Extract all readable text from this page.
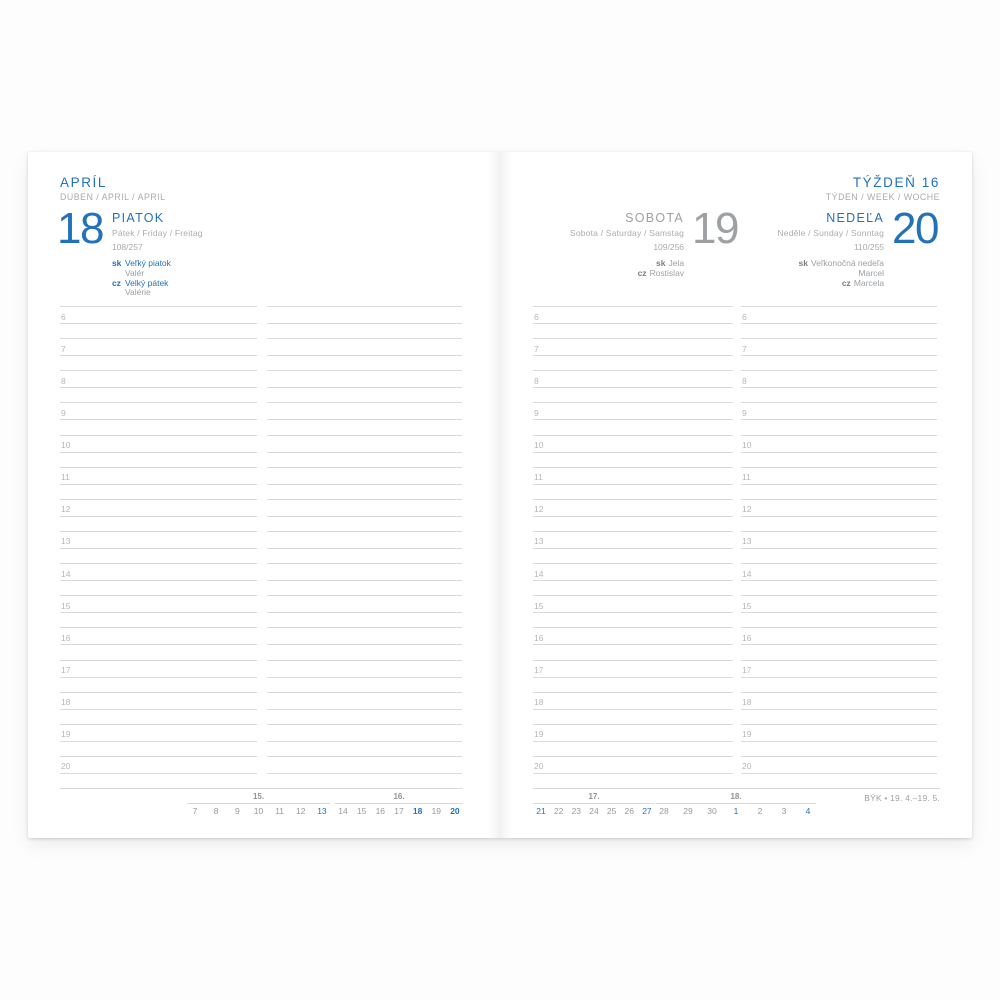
APRÍL
DUBEN / APRIL / APRIL
18 PIATOK
Pátek / Friday / Freitag
108/257
sk Veľký piatok
Valér
cz Velký pátek
Valérie
6
7
8
9
10
11
12
13
14
15
16
17
18
19
20
15.
7	8	9	10 11 12 13
16.
14 15 16 17 18 19 20
TÝŽDEŇ 16
TÝDEN / WEEK / WOCHE
SOBOTA
Sobota / Saturday / Samstag
109/256
sk Jela
cz Rostislav
19	NEDEĽA
Neděle / Sunday / Sonntag
110/255
sk Veľkonočná nedeľa
Marcel
cz Marcela
20
6
7
8
9
10
11
12
13
14
15
16
17
18
19
20
6
7
8
9
10
11
12
13
14
15
16
17
18
19
20
17.
21 22 23 24 25 26 27
18.
28 29 30	1	2	3	4
BÝK • 19. 4.–19. 5.
